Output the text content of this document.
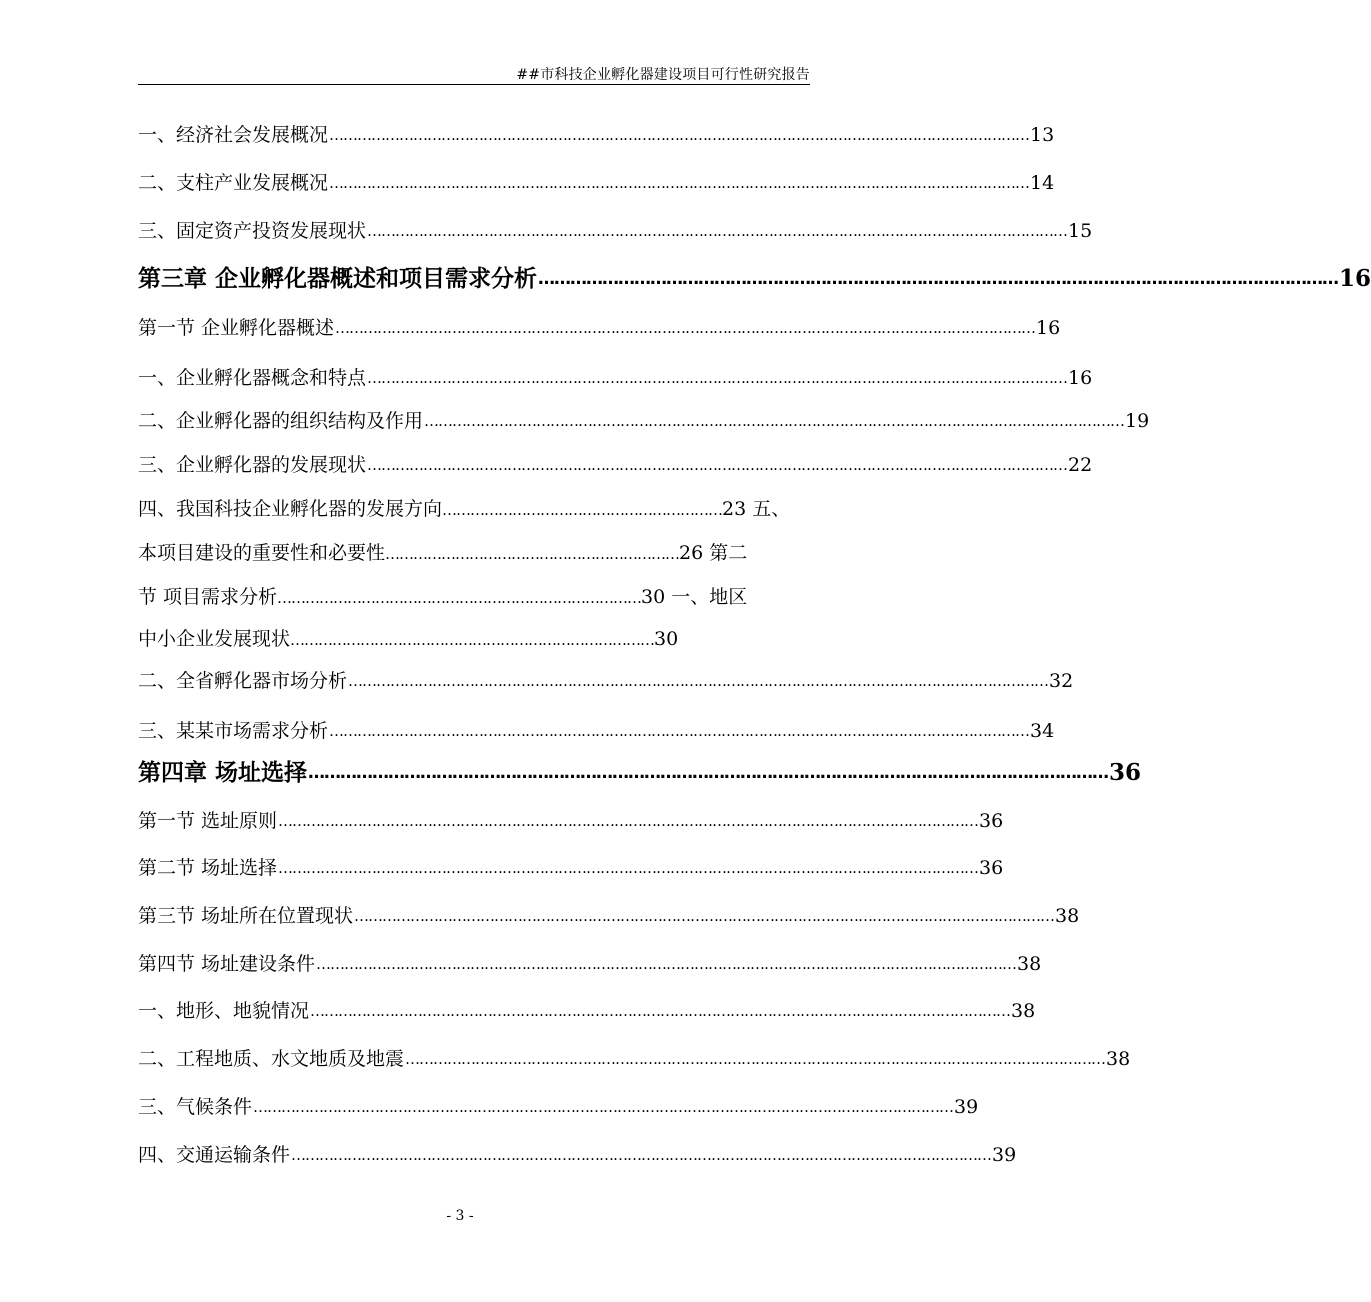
##市科技企业孵化器建设项目可行性研究报告
一、经济社会发展概况 …………………………………………………………………………………………………………………………………… 13
二、支柱产业发展概况 …………………………………………………………………………………………………………………………………… 14
三、固定资产投资发展现状 …………………………………………………………………………………………………………………………………… 15
第三章 企业孵化器概述和项目需求分析 …………………………………………………………………………………………………………………………………… 16
第一节 企业孵化器概述 …………………………………………………………………………………………………………………………………… 16
一、企业孵化器概念和特点 …………………………………………………………………………………………………………………………………… 16
二、企业孵化器的组织结构及作用 …………………………………………………………………………………………………………………………………… 19
三、企业孵化器的发展现状 …………………………………………………………………………………………………………………………………… 22
四、我国科技企业孵化器的发展方向……………………………………………………23 五、
本项目建设的重要性和必要性………………………………………………………26 第二
节 项目需求分析……………………………………………………………………30 一、地区
中小企业发展现状……………………………………………………………………30
二、全省孵化器市场分析 …………………………………………………………………………………………………………………………………… 32
三、某某市场需求分析 …………………………………………………………………………………………………………………………………… 34
第四章 场址选择 …………………………………………………………………………………………………………………………………… 36
第一节 选址原则 …………………………………………………………………………………………………………………………………… 36
第二节 场址选择 …………………………………………………………………………………………………………………………………… 36
第三节 场址所在位置现状 …………………………………………………………………………………………………………………………………… 38
第四节 场址建设条件 …………………………………………………………………………………………………………………………………… 38
一、地形、地貌情况 …………………………………………………………………………………………………………………………………… 38
二、工程地质、水文地质及地震 …………………………………………………………………………………………………………………………………… 38
三、气候条件 …………………………………………………………………………………………………………………………………… 39
四、交通运输条件 …………………………………………………………………………………………………………………………………… 39
- 3 -
